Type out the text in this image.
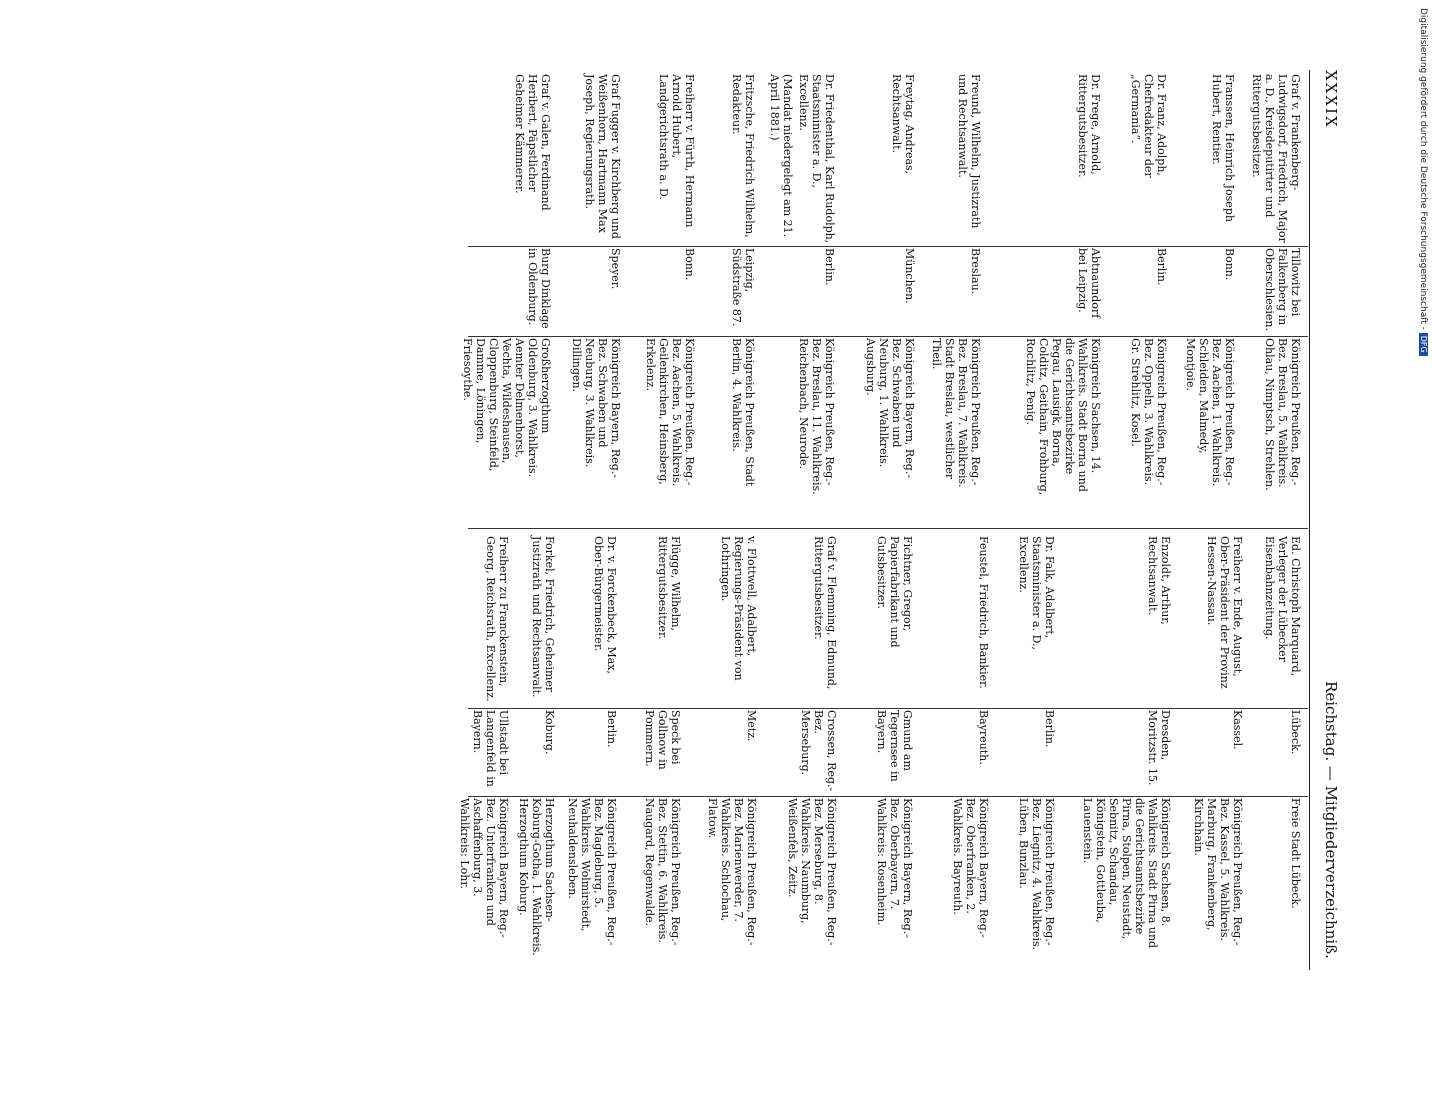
XXXIX
Reichstag. — Mitgliederverzeichniß.
Graf v. Frankenberg-Ludwigsdorf, Friedrich, Major a. D., Kreisdeputirter und Rittergutsbesitzer.
Tillowitz bei Falkenberg in Oberschlesien.
Königreich Preußen, Reg.-Bez. Breslau, 5. Wahlkreis. Ohlau, Nimptsch, Strehlen.
Franssen, Heinrich Joseph Hubert, Rentier.
Bonn.
Königreich Preußen, Reg.-Bez. Aachen, 1. Wahlkreis. Schleiden, Malmedy, Montjoie.
Dr. Franz, Adolph, Chefredakteur der „Germania“.
Berlin.
Königreich Preußen, Reg.-Bez. Oppeln, 3. Wahlkreis. Gr. Strehlitz, Kosel.
Dr. Frege, Arnold, Rittergutsbesitzer.
Abtnaundorf bei Leipzig.
Königreich Sachsen, 14. Wahlkreis. Stadt Borna und die Gerichtsamtsbezirke Pegau, Lausigk, Borna, Colditz, Geithain, Frohburg, Rochlitz, Penig.
Freund, Wilhelm, Justizrath und Rechtsanwalt.
Breslau.
Königreich Preußen, Reg.-Bez. Breslau, 7. Wahlkreis. Stadt Breslau, westlicher Theil.
Freytag, Andreas, Rechtsanwalt.
München.
Königreich Bayern, Reg.-Bez. Schwaben und Neuburg, 1. Wahlkreis. Augsburg.
Dr. Friedenthal, Karl Rudolph, Staatsminister a. D., Excellenz.
Berlin.
Königreich Preußen, Reg.-Bez. Breslau, 11. Wahlkreis. Reichenbach, Neurode.
(Mandat niedergelegt am 21. April 1881.)
Fritzsche, Friedrich Wilhelm, Redakteur.
Leipzig, Südstraße 87.
Königreich Preußen, Stadt Berlin, 4. Wahlkreis.
Freiherr v. Fürth, Hermann Arnold Hubert, Landgerichtsrath a. D.
Bonn.
Königreich Preußen, Reg.-Bez. Aachen, 5. Wahlkreis. Geilenkirchen, Heinsberg, Erkelenz.
Graf Fugger v. Kirchberg und Weißenhorn, Hartmann Max Joseph, Regierungsrath.
Speyer.
Königreich Bayern, Reg.-Bez. Schwaben und Neuburg, 3. Wahlkreis. Dillingen.
Graf v. Galen, Ferdinand Heribert, Päpstlicher Geheimer Kämmerer.
Burg Dinklage in Oldenburg.
Großherzogthum Oldenburg, 3. Wahlkreis. Aemter Delmenhorst, Vechta, Wildeshausen, Cloppenburg, Steinfeld, Damme, Löningen, Friesoythe.
Ed. Christoph Marquard, Verleger der Lübecker Eisenbahnzeitung.
Lübeck.
Freie Stadt Lübeck.
Freiherr v. Ende, August, Ober-Präsident der Provinz Hessen-Nassau.
Kassel.
Königreich Preußen, Reg.-Bez. Kassel, 5. Wahlkreis. Marburg, Frankenberg, Kirchhain.
Enzoldt, Arthur, Rechtsanwalt.
Dresden, Moritzstr. 15.
Königreich Sachsen, 8. Wahlkreis. Stadt Pirna und die Gerichtsamtsbezirke Pirna, Stolpen, Neustadt, Sebnitz, Schandau, Königstein, Gottleuba, Lauenstein.
Dr. Falk, Adalbert, Staatsminister a. D., Excellenz.
Berlin.
Königreich Preußen, Reg.-Bez. Liegnitz, 4. Wahlkreis. Lüben, Bunzlau.
Feustel, Friedrich, Bankier.
Bayreuth.
Königreich Bayern, Reg.-Bez. Oberfranken, 2. Wahlkreis. Bayreuth.
Fichtner, Gregor, Papierfabrikant und Gutsbesitzer.
Gmund am Tegernsee in Bayern.
Königreich Bayern, Reg.-Bez. Oberbayern, 7. Wahlkreis: Rosenheim.
Graf v. Flemming, Edmund, Rittergutsbesitzer.
Crossen, Reg.-Bez. Merseburg.
Königreich Preußen, Reg.-Bez. Merseburg, 8. Wahlkreis. Naumburg, Weißenfels, Zeitz.
v. Flottwell, Adalbert, Regierungs-Präsident von Lothringen.
Metz.
Königreich Preußen, Reg.-Bez. Marienwerder, 7. Wahlkreis. Schlochau, Flatow.
Flügge, Wilhelm, Rittergutsbesitzer.
Speck bei Gollnow in Pommern.
Königreich Preußen, Reg.-Bez. Stettin, 6. Wahlkreis. Naugard, Regenwalde.
Dr. v. Forckenbeck, Max, Ober-Bürgermeister.
Berlin.
Königreich Preußen, Reg.-Bez. Magdeburg, 5. Wahlkreis. Wolmirstedt, Neuhaldensleben.
Forkel, Friedrich, Geheimer Justizrath und Rechtsanwalt.
Koburg.
Herzogthum Sachsen-Koburg-Gotha, 1. Wahlkreis. Herzogthum Koburg.
Freiherr zu Franckenstein, Georg, Reichsrath, Excellenz.
Ullstadt bei Langenfeld in Bayern.
Königreich Bayern, Reg.-Bez. Unterfranken und Aschaffenburg, 3. Wahlkreis: Lohr.
Digitalisierung gefördert durch die Deutsche Forschungsgemeinschaft - DFG
